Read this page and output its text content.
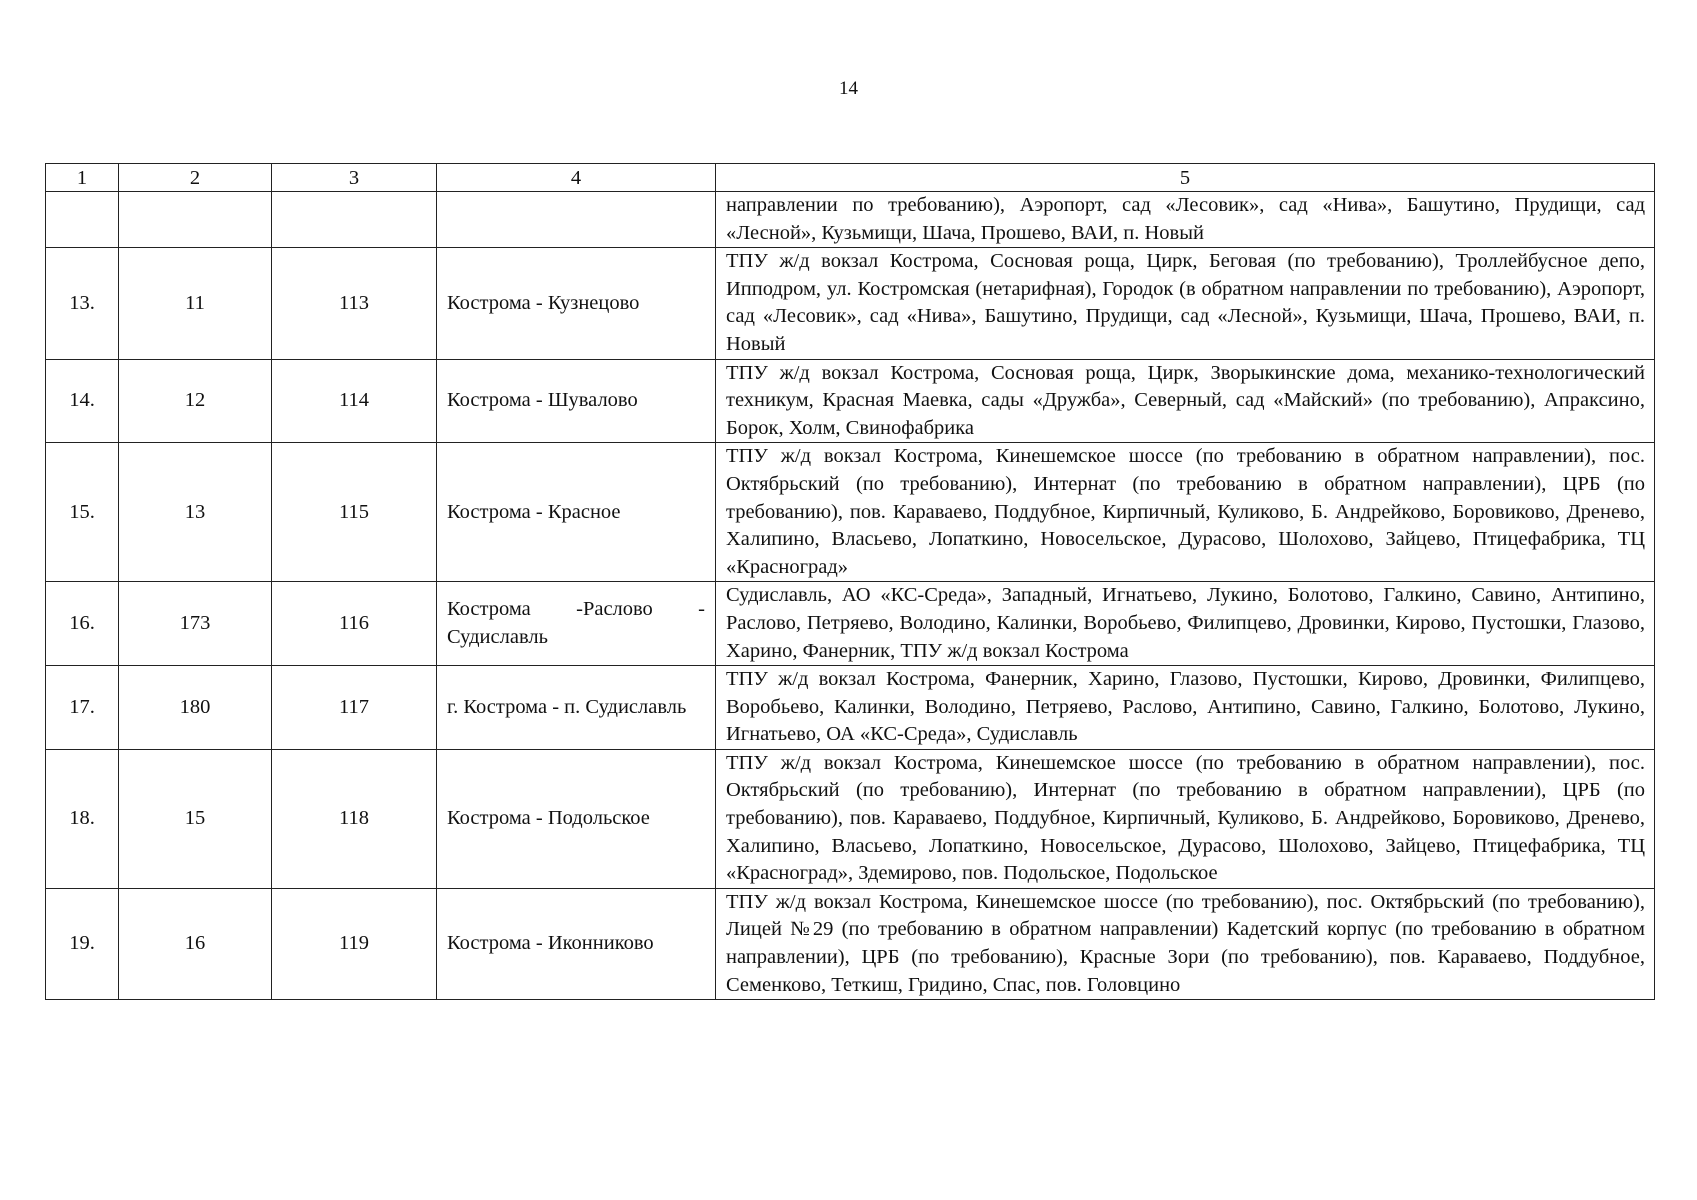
14
1	2	3	4	5
				направлении по требованию), Аэропорт, сад «Лесовик», сад «Нива», Башутино, Прудищи, сад «Лесной», Кузьмищи, Шача, Прошево, ВАИ, п. Новый
13.	11	113	Кострома - Кузнецово	ТПУ ж/д вокзал Кострома, Сосновая роща, Цирк, Беговая (по требованию), Троллейбусное депо, Ипподром, ул. Костромская (нетарифная), Городок (в обратном направлении по требованию), Аэропорт, сад «Лесовик», сад «Нива», Башутино, Прудищи, сад «Лесной», Кузьмищи, Шача, Прошево, ВАИ, п. Новый
14.	12	114	Кострома - Шувалово	ТПУ ж/д вокзал Кострома, Сосновая роща, Цирк, Зворыкинские дома, механико-технологический техникум, Красная Маевка, сады «Дружба», Северный, сад «Майский» (по требованию), Апраксино, Борок, Холм, Свинофабрика
15.	13	115	Кострома - Красное	ТПУ ж/д вокзал Кострома, Кинешемское шоссе (по требованию в обратном направлении), пос. Октябрьский (по требованию), Интернат (по требованию в обратном направлении), ЦРБ (по требованию), пов. Караваево, Поддубное, Кирпичный, Куликово, Б. Андрейково, Боровиково, Дренево, Халипино, Власьево, Лопаткино, Новосельское, Дурасово, Шолохово, Зайцево, Птицефабрика, ТЦ «Красноград»
16.	173	116	Кострома -Раслово - Судиславль	Судиславль, АО «КС-Среда», Западный, Игнатьево, Лукино, Болотово, Галкино, Савино, Антипино, Раслово, Петряево, Володино, Калинки, Воробьево, Филипцево, Дровинки, Кирово, Пустошки, Глазово, Харино, Фанерник, ТПУ ж/д вокзал Кострома
17.	180	117	г. Кострома - п. Судиславль	ТПУ ж/д вокзал Кострома, Фанерник, Харино, Глазово, Пустошки, Кирово, Дровинки, Филипцево, Воробьево, Калинки, Володино, Петряево, Раслово, Антипино, Савино, Галкино, Болотово, Лукино, Игнатьево, ОА «КС-Среда», Судиславль
18.	15	118	Кострома - Подольское	ТПУ ж/д вокзал Кострома, Кинешемское шоссе (по требованию в обратном направлении), пос. Октябрьский (по требованию), Интернат (по требованию в обратном направлении), ЦРБ (по требованию), пов. Караваево, Поддубное, Кирпичный, Куликово, Б. Андрейково, Боровиково, Дренево, Халипино, Власьево, Лопаткино, Новосельское, Дурасово, Шолохово, Зайцево, Птицефабрика, ТЦ «Красноград», Здемирово, пов. Подольское, Подольское
19.	16	119	Кострома - Иконниково	ТПУ ж/д вокзал Кострома, Кинешемское шоссе (по требованию), пос. Октябрьский (по требованию), Лицей №29 (по требованию в обратном направлении) Кадетский корпус (по требованию в обратном направлении), ЦРБ (по требованию), Красные Зори (по требованию), пов. Караваево, Поддубное, Семенково, Теткиш, Гридино, Спас, пов. Головцино
